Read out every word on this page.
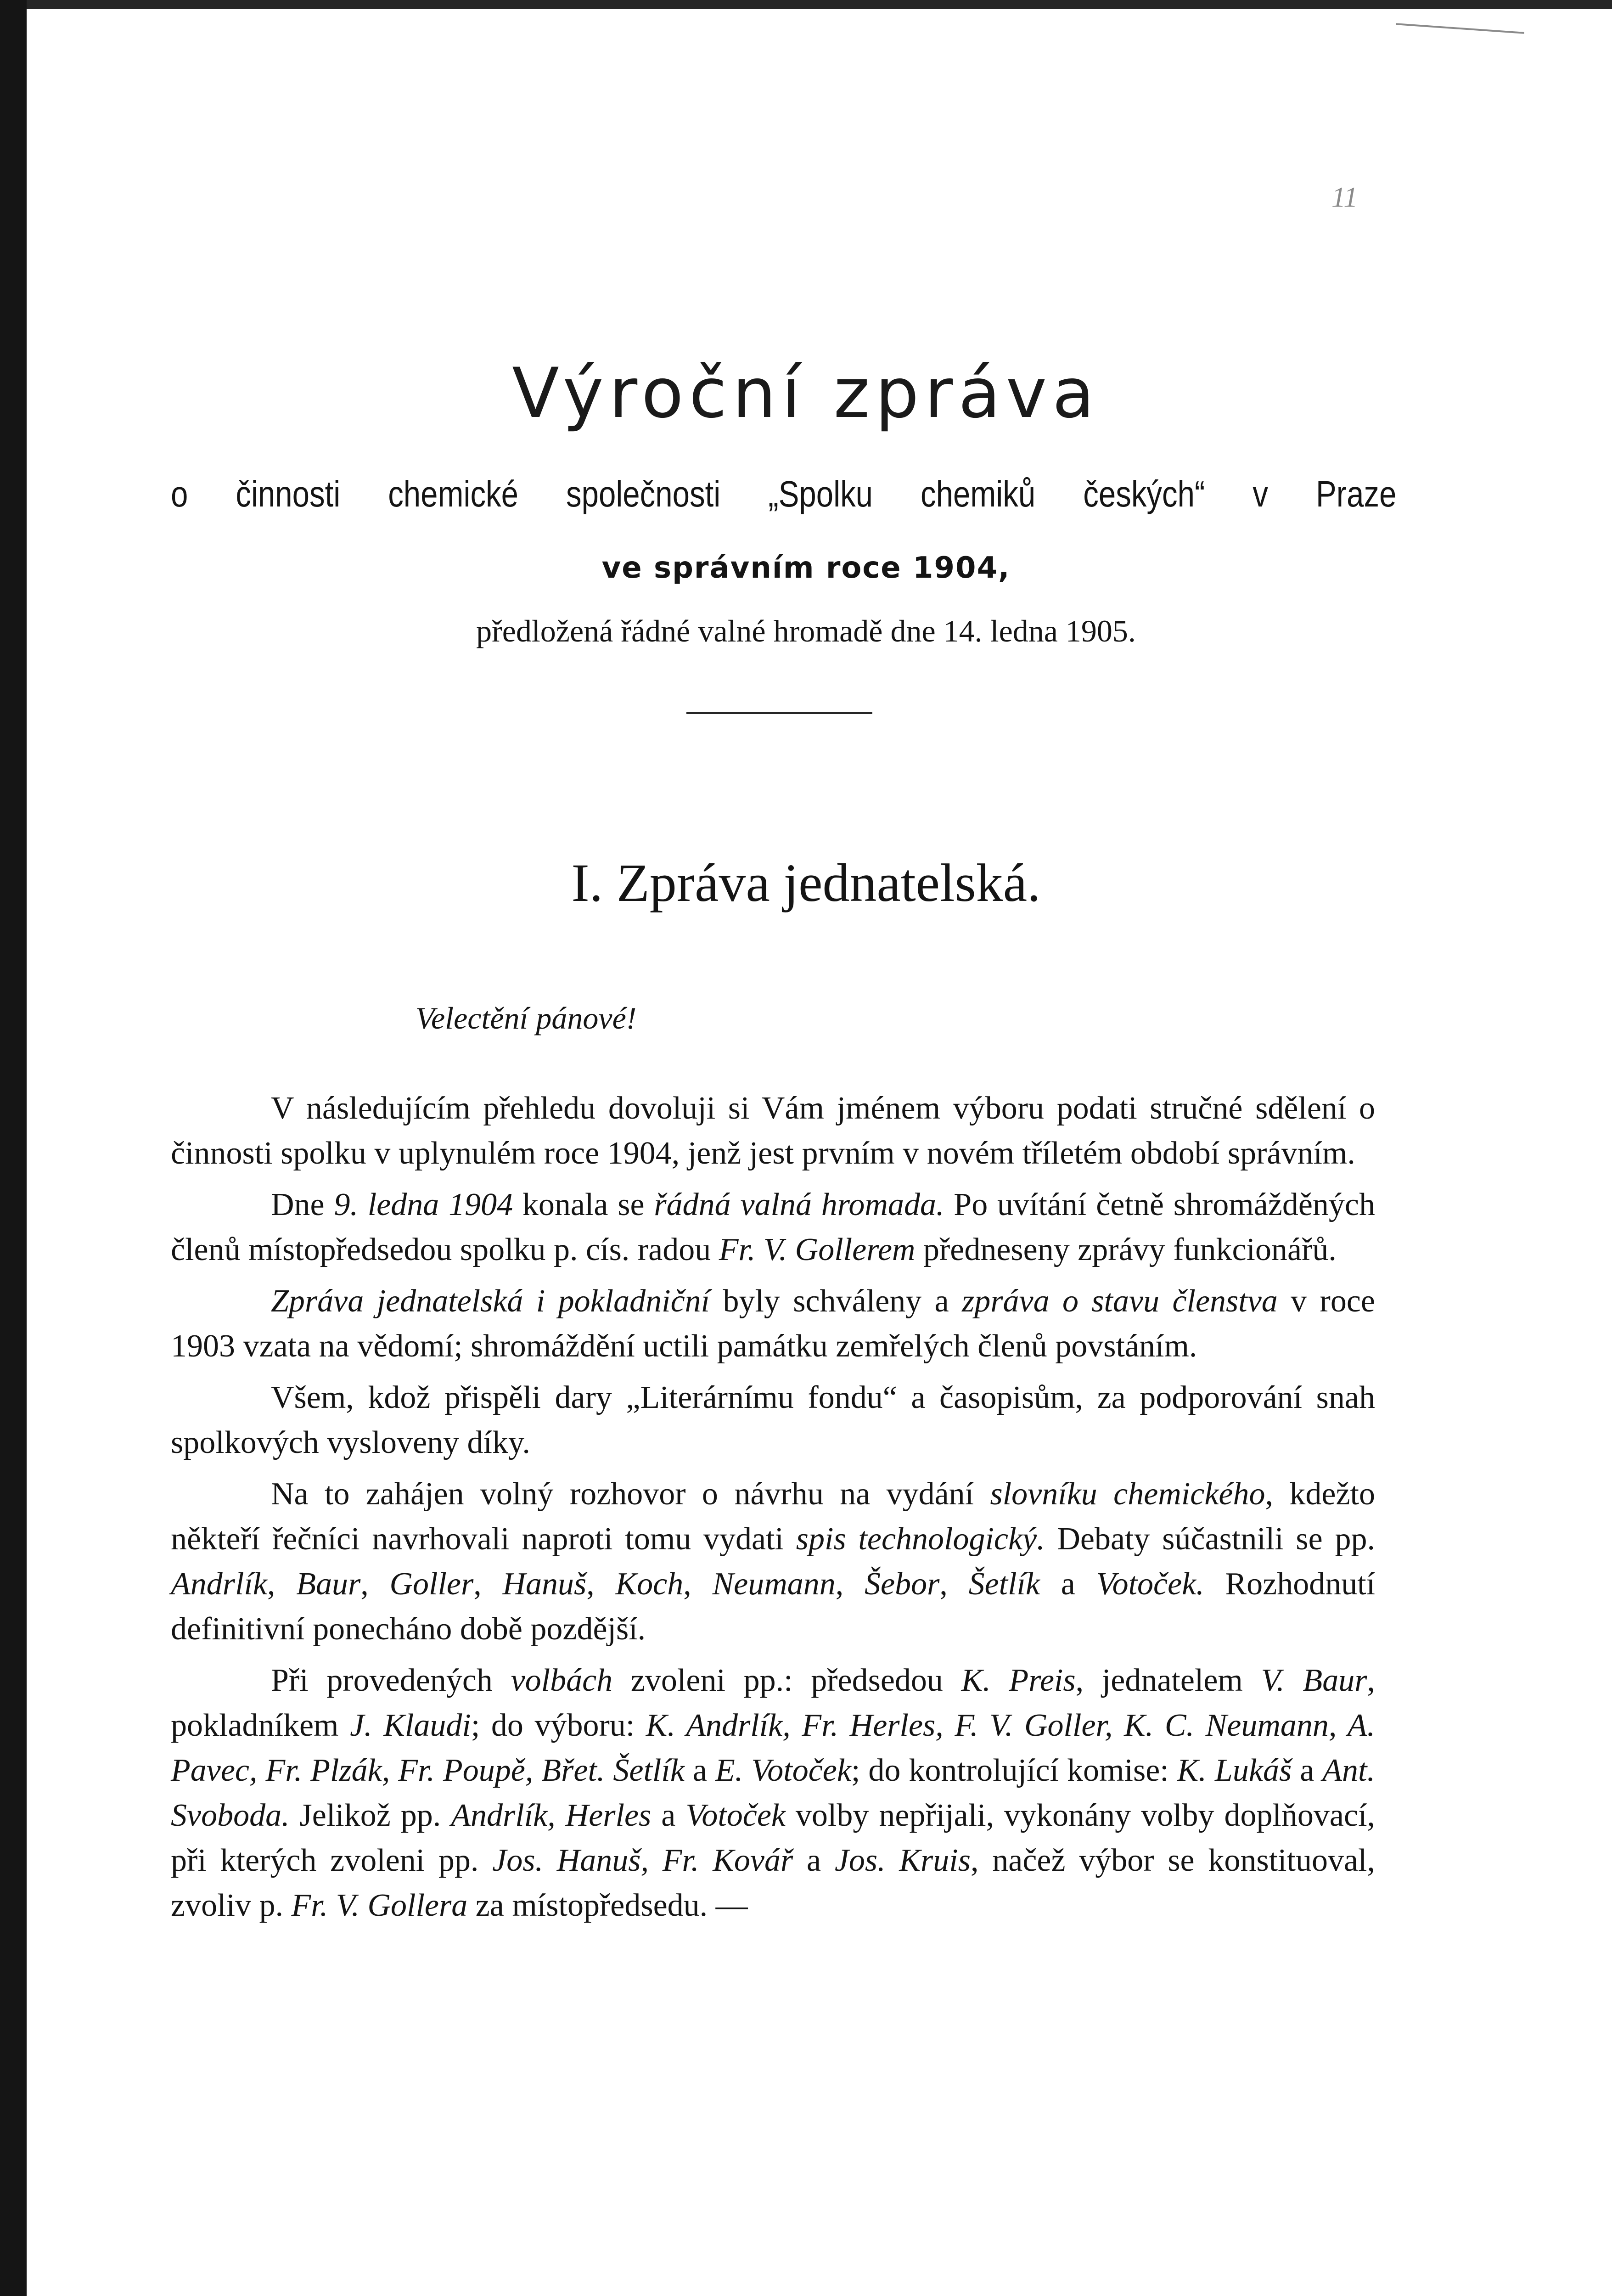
11
Výroční zpráva
o činnosti chemické společnosti „Spolku chemiků českých“ v Praze
ve správním roce 1904,
předložená řádné valné hromadě dne 14. ledna 1905.
I. Zpráva jednatelská.
Velectění pánové!

V následujícím přehledu dovoluji si Vám jménem výboru podati stručné sdělení o činnosti spolku v uplynulém roce 1904, jenž jest prvním v novém tříletém období správním.

Dne 9. ledna 1904 konala se řádná valná hromada. Po uvítání četně shromážděných členů místopředsedou spolku p. cís. radou Fr. V. Gollerem předneseny zprávy funkcionářů.

Zpráva jednatelská i pokladniční byly schváleny a zpráva o stavu členstva v roce 1903 vzata na vědomí; shromáždění uctili památku zemřelých členů povstáním.

Všem, kdož přispěli dary „Literárnímu fondu“ a časopisům, za podporování snah spolkových vysloveny díky.

Na to zahájen volný rozhovor o návrhu na vydání slovníku chemického, kdežto někteří řečníci navrhovali naproti tomu vydati spis technologický. Debaty súčastnili se pp. Andrlík, Baur, Goller, Hanuš, Koch, Neumann, Šebor, Šetlík a Votoček. Rozhodnutí definitivní ponecháno době pozdější.

Při provedených volbách zvoleni pp.: předsedou K. Preis, jednatelem V. Baur, pokladníkem J. Klaudi; do výboru: K. Andrlík, Fr. Herles, F. V. Goller, K. C. Neumann, A. Pavec, Fr. Plzák, Fr. Poupě, Břet. Šetlík a E. Votoček; do kontrolující komise: K. Lukáš a Ant. Svoboda. Jelikož pp. Andrlík, Herles a Votoček volby nepřijali, vykonány volby doplňovací, při kterých zvoleni pp. Jos. Hanuš, Fr. Kovář a Jos. Kruis, načež výbor se konstituoval, zvoliv p. Fr. V. Gollera za místopředsedu. —
